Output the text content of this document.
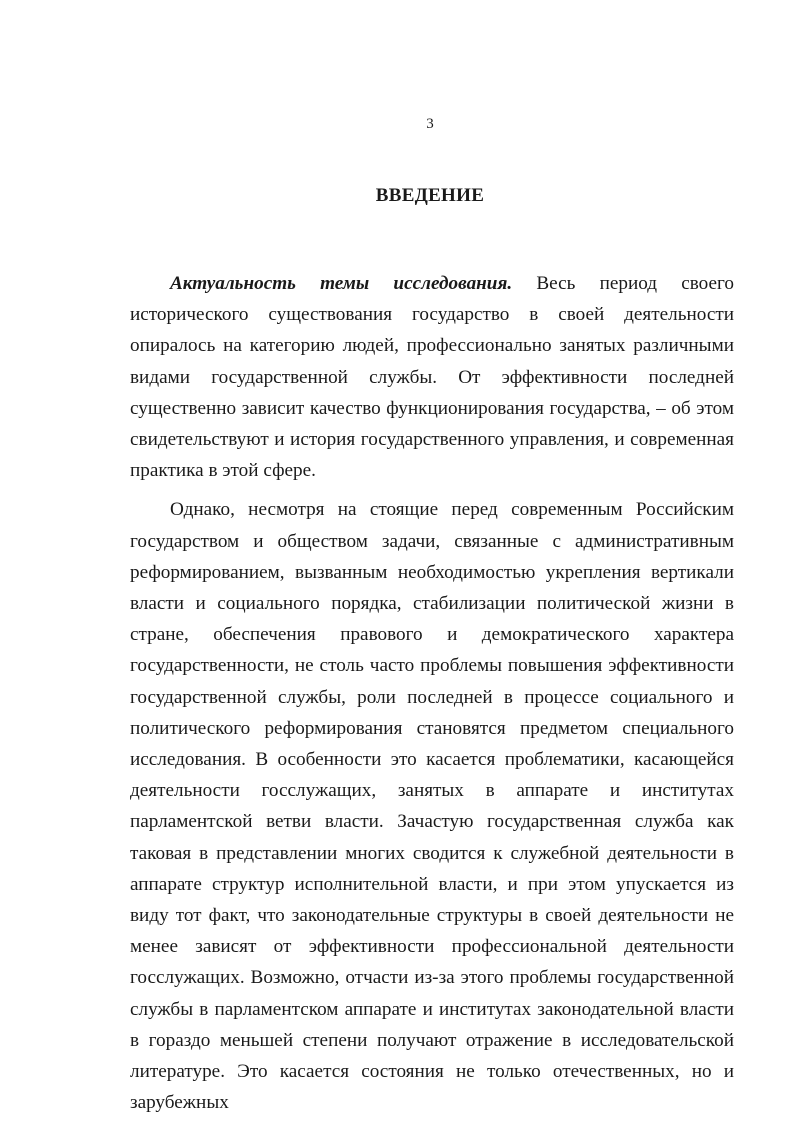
3
ВВЕДЕНИЕ

Актуальность темы исследования. Весь период своего исторического существования государство в своей деятельности опиралось на категорию людей, профессионально занятых различными видами государственной службы. От эффективности последней существенно зависит качество функционирования государства, – об этом свидетельствуют и история государственного управления, и современная практика в этой сфере.

Однако, несмотря на стоящие перед современным Российским государством и обществом задачи, связанные с административным реформированием, вызванным необходимостью укрепления вертикали власти и социального порядка, стабилизации политической жизни в стране, обеспечения правового и демократического характера государственности, не столь часто проблемы повышения эффективности государственной службы, роли последней в процессе социального и политического реформирования становятся предметом специального исследования. В особенности это касается проблематики, касающейся деятельности госслужащих, занятых в аппарате и институтах парламентской ветви власти. Зачастую государственная служба как таковая в представлении многих сводится к служебной деятельности в аппарате структур исполнительной власти, и при этом упускается из виду тот факт, что законодательные структуры в своей деятельности не менее зависят от эффективности профессиональной деятельности госслужащих. Возможно, отчасти из-за этого проблемы государственной службы в парламентском аппарате и институтах законодательной власти в гораздо меньшей степени получают отражение в исследовательской литературе. Это касается состояния не только отечественных, но и зарубежных
